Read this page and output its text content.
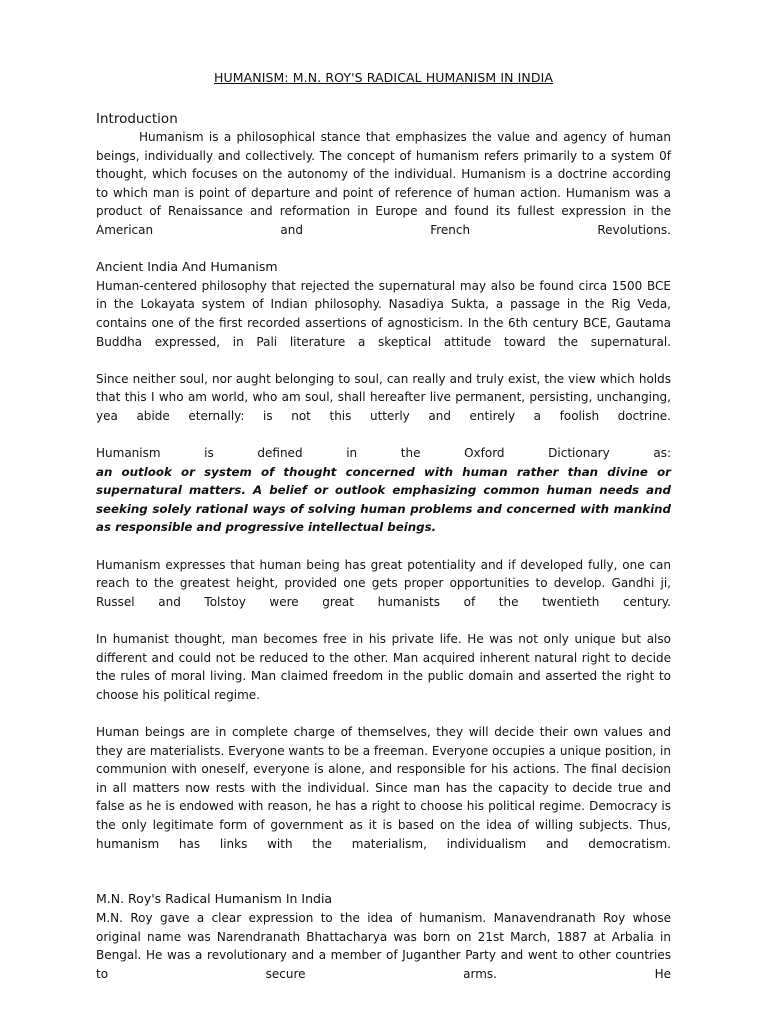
HUMANISM: M.N. ROY'S RADICAL HUMANISM IN INDIA
Introduction

Humanism is a philosophical stance that emphasizes the value and agency of human beings, individually and collectively. The concept of humanism refers primarily to a system 0f thought, which focuses on the autonomy of the individual. Humanism is a doctrine according to which man is point of departure and point of reference of human action. Humanism was a product of Renaissance and reformation in Europe and found its fullest expression in the American and French Revolutions.

Ancient India And Humanism

Human-centered philosophy that rejected the supernatural may also be found circa 1500 BCE in the Lokayata system of Indian philosophy. Nasadiya Sukta, a passage in the Rig Veda, contains one of the first recorded assertions of agnosticism. In the 6th century BCE, Gautama Buddha expressed, in Pali literature a skeptical attitude toward the supernatural.

Since neither soul, nor aught belonging to soul, can really and truly exist, the view which holds that this I who am world, who am soul, shall hereafter live permanent, persisting, unchanging, yea abide eternally: is not this utterly and entirely a foolish doctrine.

Humanism is defined in the Oxford Dictionary as:

an outlook or system of thought concerned with human rather than divine or supernatural matters. A belief or outlook emphasizing common human needs and seeking solely rational ways of solving human problems and concerned with mankind as responsible and progressive intellectual beings.

Humanism expresses that human being has great potentiality and if developed fully, one can reach to the greatest height, provided one gets proper opportunities to develop. Gandhi ji, Russel and Tolstoy were great humanists of the twentieth century.

In humanist thought, man becomes free in his private life. He was not only unique but also different and could not be reduced to the other. Man acquired inherent natural right to decide the rules of moral living. Man claimed freedom in the public domain and asserted the right to choose his political regime.

Human beings are in complete charge of themselves, they will decide their own values and they are materialists. Everyone wants to be a freeman. Everyone occupies a unique position, in communion with oneself, everyone is alone, and responsible for his actions. The final decision in all matters now rests with the individual. Since man has the capacity to decide true and false as he is endowed with reason, he has a right to choose his political regime. Democracy is the only legitimate form of government as it is based on the idea of willing subjects. Thus, humanism has links with the materialism, individualism and democratism.

M.N. Roy's Radical Humanism In India

M.N. Roy gave a clear expression to the idea of humanism. Manavendranath Roy whose original name was Narendranath Bhattacharya was born on 21st March, 1887 at Arbalia in Bengal. He was a revolutionary and a member of Juganther Party and went to other countries to secure arms. He
